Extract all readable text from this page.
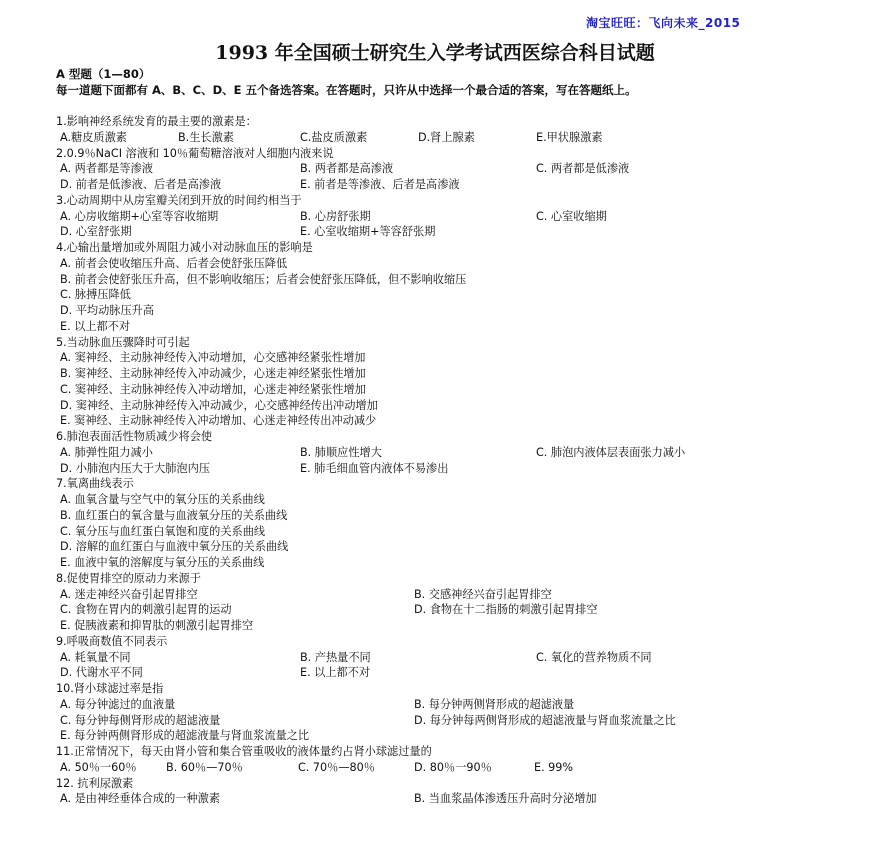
淘宝旺旺：飞向未来_2015
1993 年全国硕士研究生入学考试西医综合科目试题
A 型题（1—80）
每一道题下面都有 A、B、C、D、E 五个备选答案。在答题时，只许从中选择一个最合适的答案，写在答题纸上。
1.影响神经系统发育的最主要的激素是：
A.糖皮质激素	B.生长激素	C.盐皮质激素	D.肾上腺素	E.甲状腺激素
2.0.9％NaCI 溶液和 10％葡萄糖溶液对人细胞内液来说
A. 两者都是等渗液	B. 两者都是高渗液	C. 两者都是低渗液
D. 前者是低渗液、后者是高渗液	E. 前者是等渗液、后者是高渗液
3.心动周期中从房室瓣关闭到开放的时间约相当于
A. 心房收缩期+心室等容收缩期	B. 心房舒张期	C. 心室收缩期
D. 心室舒张期	E. 心室收缩期+等容舒张期
4.心输出量增加或外周阻力减小对动脉血压的影响是
A. 前者会使收缩压升高、后者会使舒张压降低
B. 前者会使舒张压升高，但不影响收缩压；后者会使舒张压降低，但不影响收缩压
C. 脉搏压降低
D. 平均动脉压升高
E. 以上都不对
5.当动脉血压骤降时可引起
A. 窦神经、主动脉神经传入冲动增加，心交感神经紧张性增加
B. 窦神经、主动脉神经传入冲动减少，心迷走神经紧张性增加
C. 窦神经、主动脉神经传入冲动增加，心迷走神经紧张性增加
D. 窦神经、主动脉神经传入冲动减少，心交感神经传出冲动增加
E. 窦神经、主动脉神经传入冲动增加、心迷走神经传出冲动减少
6.肺泡表面活性物质减少将会使
A. 肺弹性阻力减小	B. 肺顺应性增大	C. 肺泡内液体层表面张力减小
D. 小肺泡内压大于大肺泡内压	E. 肺毛细血管内液体不易渗出
7.氧离曲线表示
A. 血氧含量与空气中的氧分压的关系曲线
B. 血红蛋白的氧含量与血液氧分压的关系曲线
C. 氧分压与血红蛋白氧饱和度的关系曲线
D. 溶解的血红蛋白与血液中氧分压的关系曲线
E. 血液中氧的溶解度与氧分压的关系曲线
8.促使胃排空的原动力来源于
A. 迷走神经兴奋引起胃排空	B. 交感神经兴奋引起胃排空
C. 食物在胃内的刺激引起胃的运动	D. 食物在十二指肠的刺激引起胃排空
E. 促胰液素和抑胃肽的刺激引起胃排空
9.呼吸商数值不同表示
A. 耗氧量不同	B. 产热量不同	C. 氧化的营养物质不同
D. 代谢水平不同	E. 以上都不对
10.肾小球滤过率是指
A. 每分钟滤过的血液量	B. 每分钟两侧肾形成的超滤液量
C. 每分钟每侧肾形成的超滤液量	D. 每分钟每两侧肾形成的超滤液量与肾血浆流量之比
E. 每分钟两侧肾形成的超滤液量与肾血浆流量之比
11.正常情况下，每天由肾小管和集合管重吸收的液体量约占肾小球滤过量的
A. 50％一60％	B. 60％—70％	C. 70％—80％	D. 80％一90％	E. 99%
12. 抗利尿激素
A. 是由神经垂体合成的一种激素	B. 当血浆晶体渗透压升高时分泌增加
